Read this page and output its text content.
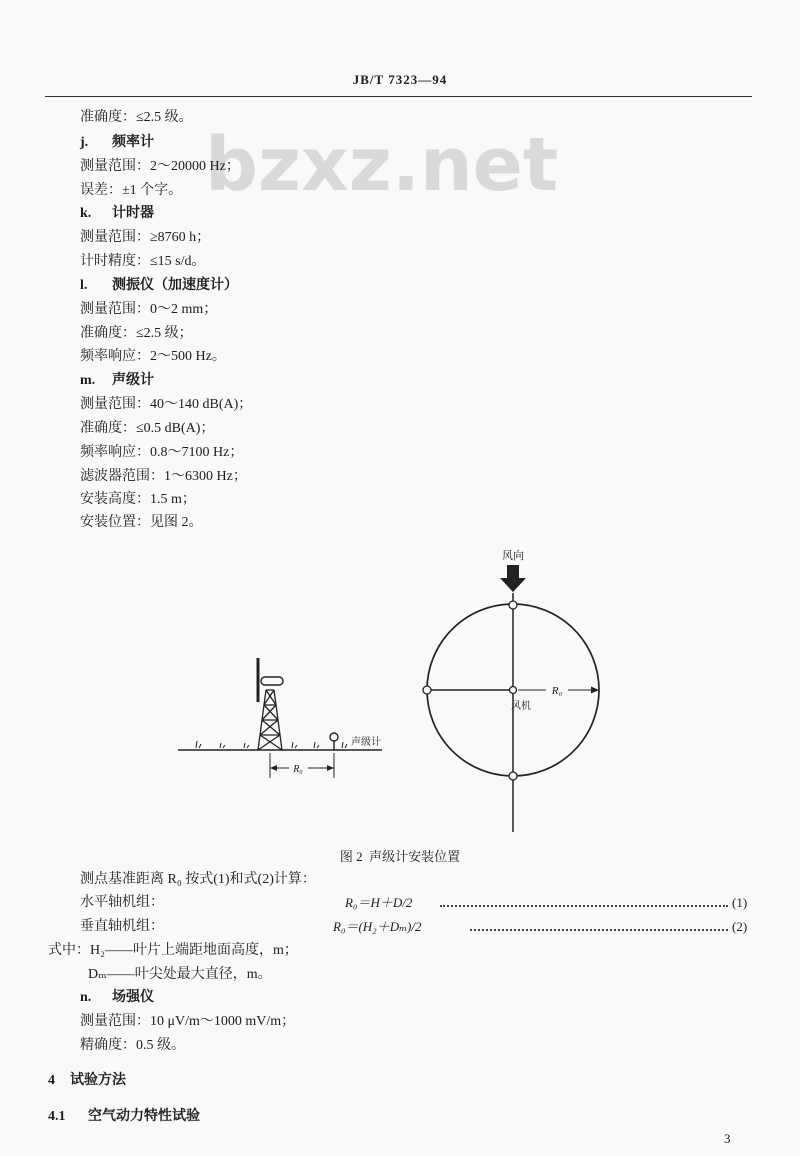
JB/T 7323—94
bzxz.net
准确度：≤2.5 级。
j. 频率计
测量范围：2～20000 Hz；
误差：±1 个字。
k. 计时器
测量范围：≥8760 h；
计时精度：≤15 s/d。
l. 测振仪（加速度计）
测量范围：0～2 mm；
准确度：≤2.5 级；
频率响应：2～500 Hz。
m. 声级计
测量范围：40～140 dB(A)；
准确度：≤0.5 dB(A)；
频率响应：0.8～7100 Hz；
滤波器范围：1～6300 Hz；
安装高度：1.5 m；
安装位置：见图 2。
风向
R₀
风机
声级计
R₀
图 2  声级计安装位置
测点基准距离 R₀ 按式(1)和式(2)计算：
水平轴机组：	R₀＝H＋D/2	(1)
垂直轴机组：	R₀＝(H₂＋Dₘ)/2	(2)
式中：H₂——叶片上端距地面高度，m；
Dₘ——叶尖处最大直径，m。
n. 场强仪
测量范围：10 μV/m～1000 mV/m；
精确度：0.5 级。
4 试验方法
4.1 空气动力特性试验
3
